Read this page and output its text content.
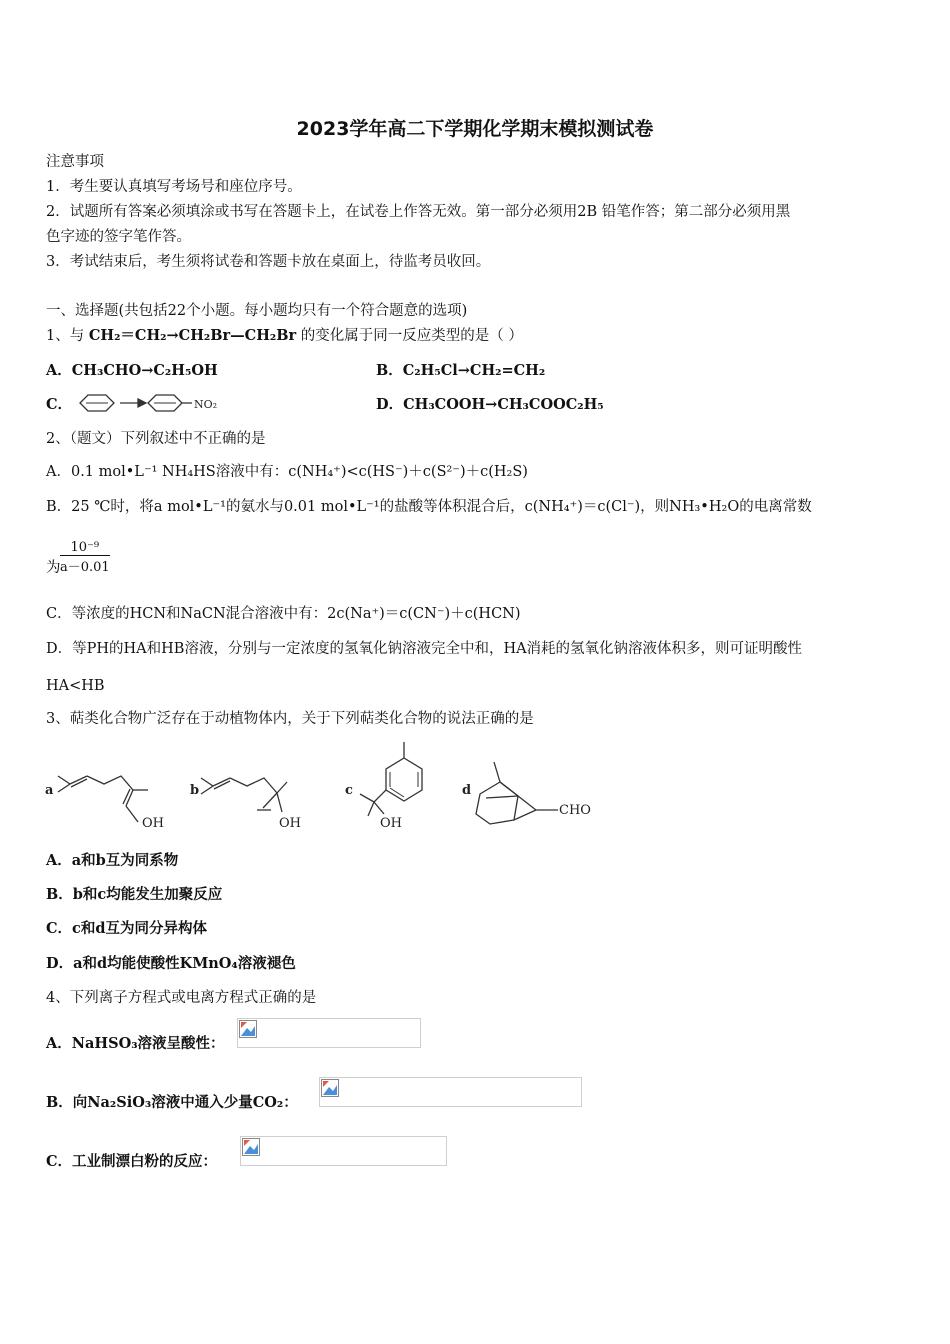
2023学年高二下学期化学期末模拟测试卷
注意事项
1．考生要认真填写考场号和座位序号。
2．试题所有答案必须填涂或书写在答题卡上，在试卷上作答无效。第一部分必须用2B 铅笔作答；第二部分必须用黑
色字迹的签字笔作答。
3．考试结束后，考生须将试卷和答题卡放在桌面上，待监考员收回。
一、选择题(共包括22个小题。每小题均只有一个符合题意的选项)
1、与 CH₂＝CH₂→CH₂Br—CH₂Br 的变化属于同一反应类型的是（ ）
A．CH₃CHO→C₂H₅OH	B．C₂H₅Cl→CH₂=CH₂
C．	NO₂	D．CH₃COOH→CH₃COOC₂H₅
2、（题文）下列叙述中不正确的是
A．0.1 mol•L⁻¹ NH₄HS溶液中有：c(NH₄⁺)<c(HS⁻)＋c(S²⁻)＋c(H₂S)
B．25 ℃时，将a mol•L⁻¹的氨水与0.01 mol•L⁻¹的盐酸等体积混合后，c(NH₄⁺)＝c(Cl⁻)，则NH₃•H₂O的电离常数
为 $\frac{\text{10⁻⁹}}{a-0.01}$
C．等浓度的HCN和NaCN混合溶液中有：2c(Na⁺)＝c(CN⁻)＋c(HCN)
D．等PH的HA和HB溶液，分别与一定浓度的氢氧化钠溶液完全中和，HA消耗的氢氧化钠溶液体积多，则可证明酸性
HA<HB
3、萜类化合物广泛存在于动植物体内，关于下列萜类化合物的说法正确的是
a
OH
b
OH
c
OH
d
CHO
A．a和b互为同系物
B．b和c均能发生加聚反应
C．c和d互为同分异构体
D．a和d均能使酸性KMnO₄溶液褪色
4、下列离子方程式或电离方程式正确的是
A．NaHSO₃溶液呈酸性：
B．向Na₂SiO₃溶液中通入少量CO₂：
C．工业制漂白粉的反应：
